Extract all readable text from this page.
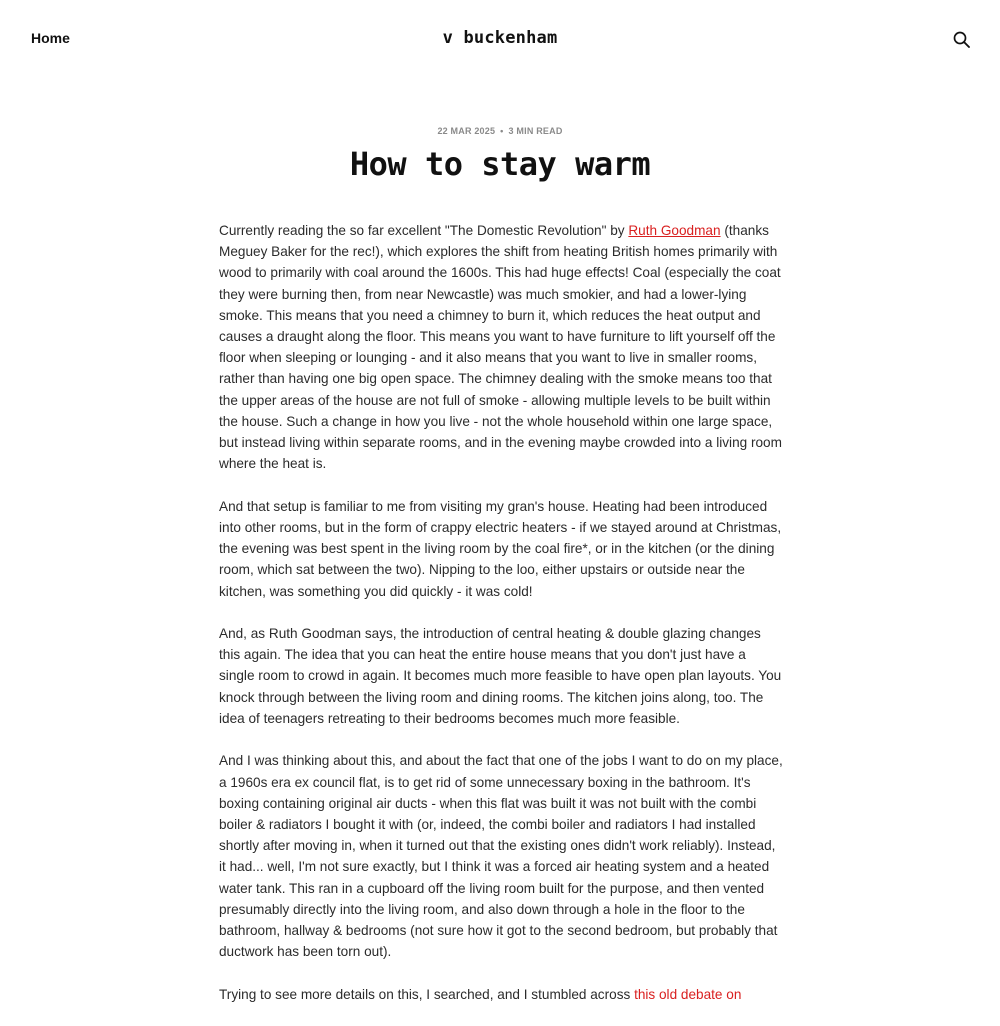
Home	v buckenham
22 MAR 2025 • 3 MIN READ
How to stay warm

Currently reading the so far excellent "The Domestic Revolution" by Ruth Goodman (thanks Meguey Baker for the rec!), which explores the shift from heating British homes primarily with wood to primarily with coal around the 1600s. This had huge effects! Coal (especially the coat they were burning then, from near Newcastle) was much smokier, and had a lower-lying smoke. This means that you need a chimney to burn it, which reduces the heat output and causes a draught along the floor. This means you want to have furniture to lift yourself off the floor when sleeping or lounging - and it also means that you want to live in smaller rooms, rather than having one big open space. The chimney dealing with the smoke means too that the upper areas of the house are not full of smoke - allowing multiple levels to be built within the house. Such a change in how you live - not the whole household within one large space, but instead living within separate rooms, and in the evening maybe crowded into a living room where the heat is.

And that setup is familiar to me from visiting my gran's house. Heating had been introduced into other rooms, but in the form of crappy electric heaters - if we stayed around at Christmas, the evening was best spent in the living room by the coal fire*, or in the kitchen (or the dining room, which sat between the two). Nipping to the loo, either upstairs or outside near the kitchen, was something you did quickly - it was cold!

And, as Ruth Goodman says, the introduction of central heating & double glazing changes this again. The idea that you can heat the entire house means that you don't just have a single room to crowd in again. It becomes much more feasible to have open plan layouts. You knock through between the living room and dining rooms. The kitchen joins along, too. The idea of teenagers retreating to their bedrooms becomes much more feasible.

And I was thinking about this, and about the fact that one of the jobs I want to do on my place, a 1960s era ex council flat, is to get rid of some unnecessary boxing in the bathroom. It's boxing containing original air ducts - when this flat was built it was not built with the combi boiler & radiators I bought it with (or, indeed, the combi boiler and radiators I had installed shortly after moving in, when it turned out that the existing ones didn't work reliably). Instead, it had... well, I'm not sure exactly, but I think it was a forced air heating system and a heated water tank. This ran in a cupboard off the living room built for the purpose, and then vented presumably directly into the living room, and also down through a hole in the floor to the bathroom, hallway & bedrooms (not sure how it got to the second bedroom, but probably that ductwork has been torn out).

Trying to see more details on this, I searched, and I stumbled across this old debate on
